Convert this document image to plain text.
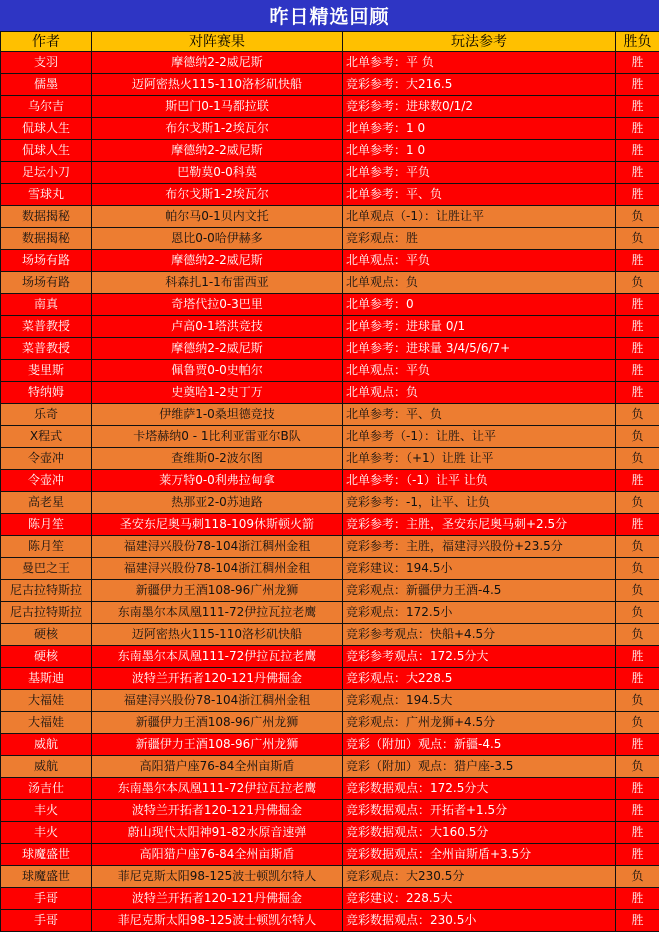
昨日精选回顾
作者	对阵赛果	玩法参考	胜负
支羽	摩德纳2-2威尼斯	北单参考：平 负	胜
儒墨	迈阿密热火115-110洛杉矶快船	竞彩参考：大216.5	胜
乌尔吉	斯巴门0-1马都拉联	竞彩参考：进球数0/1/2	胜
侃球人生	布尔戈斯1-2埃瓦尔	北单参考：1 0	胜
侃球人生	摩德纳2-2威尼斯	北单参考：1 0	胜
足坛小刀	巴勒莫0-0科莫	北单参考：平负	胜
雪球丸	布尔戈斯1-2埃瓦尔	北单参考：平、负	胜
数据揭秘	帕尔马0-1贝内文托	北单观点（-1）：让胜让平	负
数据揭秘	恩比0-0哈伊赫多	竞彩观点：胜	负
场场有路	摩德纳2-2威尼斯	北单观点：平负	胜
场场有路	科森扎1-1布雷西亚	北单观点：负	负
南真	奇塔代拉0-3巴里	北单参考：0	胜
菜普教授	卢高0-1塔洪竞技	北单参考：进球量 0/1	胜
菜普教授	摩德纳2-2威尼斯	北单参考：进球量 3/4/5/6/7+	胜
斐里斯	佩鲁贾0-0史帕尔	北单观点：平负	胜
特纳姆	史奠哈1-2史丁万	北单观点：负	胜
乐奇	伊维萨1-0桑坦德竞技	北单参考：平、负	负
X程式	卡塔赫纳0 - 1比利亚雷亚尔B队	北单参考（-1）：让胜、让平	负
令壶冲	查维斯0-2波尔图	北单参考：（+1）让胜 让平	负
令壶冲	莱万特0-0利弗拉甸拿	北单参考：（-1）让平 让负	胜
高老星	热那亚2-0苏迪路	竞彩参考：-1，让平、让负	负
陈月笙	圣安东尼奥马刺118-109休斯顿火箭	竞彩参考：主胜，圣安东尼奥马刺+2.5分	胜
陈月笙	福建浔兴股份78-104浙江稠州金租	竞彩参考：主胜，福建浔兴股份+23.5分	负
曼巴之王	福建浔兴股份78-104浙江稠州金租	竞彩建议：194.5小	负
尼古拉特斯拉	新疆伊力王酒108-96广州龙狮	竞彩观点：新疆伊力王酒-4.5	负
尼古拉特斯拉	东南墨尔本凤凰111-72伊拉瓦拉老鹰	竞彩观点：172.5小	负
硬核	迈阿密热火115-110洛杉矶快船	竞彩参考观点：快船+4.5分	负
硬核	东南墨尔本凤凰111-72伊拉瓦拉老鹰	竞彩参考观点：172.5分大	胜
基斯迪	波特兰开拓者120-121丹佛掘金	竞彩观点：大228.5	胜
大福娃	福建浔兴股份78-104浙江稠州金租	竞彩观点：194.5大	负
大福娃	新疆伊力王酒108-96广州龙狮	竞彩观点：广州龙狮+4.5分	负
威航	新疆伊力王酒108-96广州龙狮	竞彩（附加）观点：新疆-4.5	胜
威航	高阳猎户座76-84全州亩斯盾	竞彩（附加）观点：猎户座-3.5	负
汤吉仕	东南墨尔本凤凰111-72伊拉瓦拉老鹰	竞彩数据观点：172.5分大	胜
丰火	波特兰开拓者120-121丹佛掘金	竞彩数据观点：开拓者+1.5分	胜
丰火	蔚山现代太阳神91-82水原音速弹	竞彩数据观点：大160.5分	胜
球魔盛世	高阳猎户座76-84全州亩斯盾	竞彩数据观点：全州亩斯盾+3.5分	胜
球魔盛世	菲尼克斯太阳98-125波士顿凯尔特人	竞彩观点：大230.5分	负
手哥	波特兰开拓者120-121丹佛掘金	竞彩建议：228.5大	胜
手哥	菲尼克斯太阳98-125波士顿凯尔特人	竞彩数据观点：230.5小	胜
